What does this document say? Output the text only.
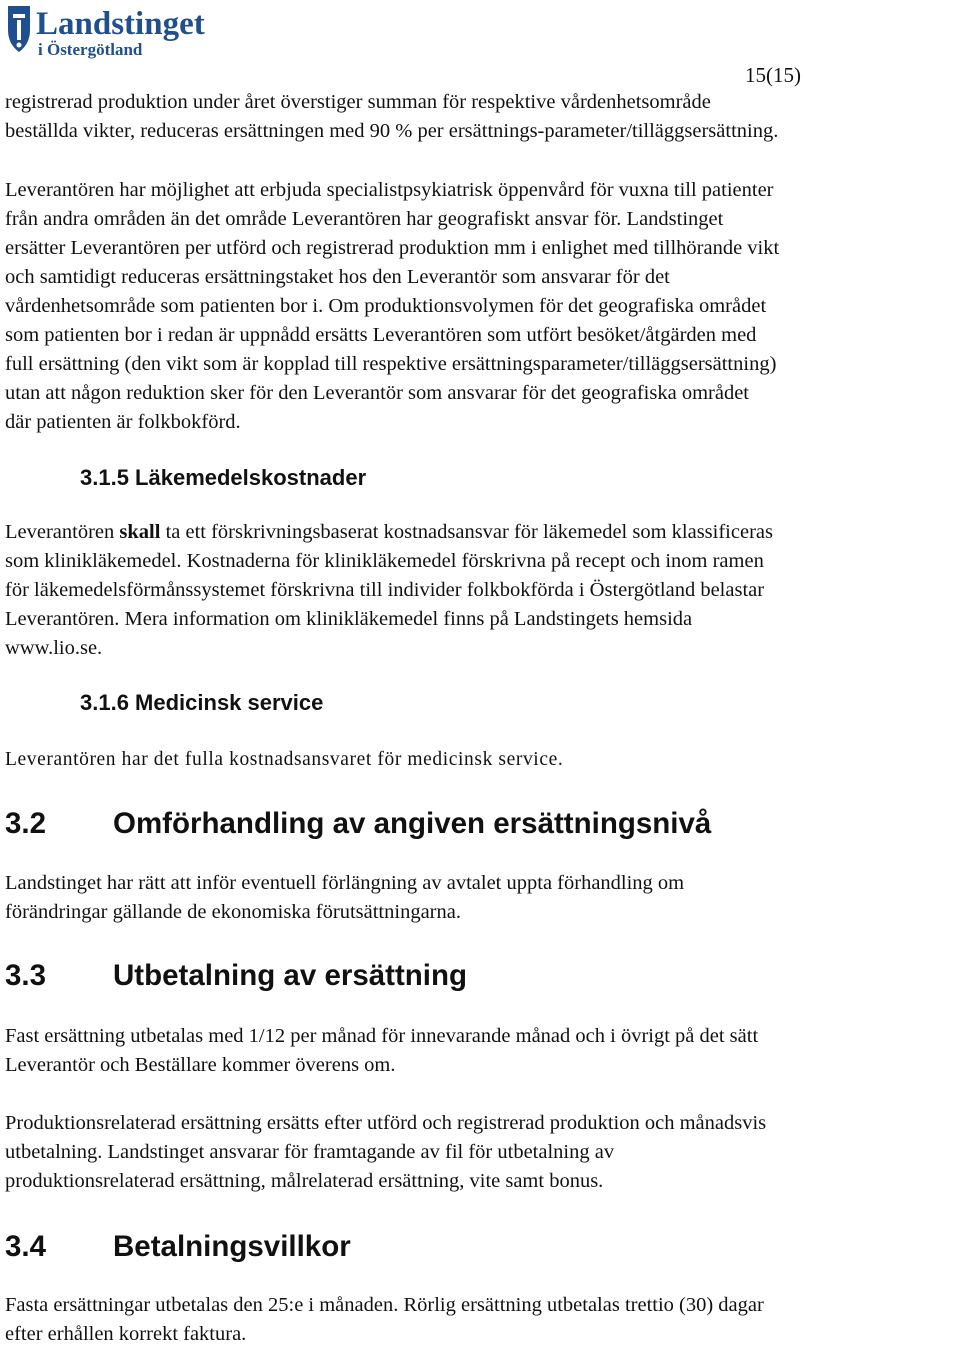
Landstinget
i Östergötland
15(15)

registrerad produktion under året överstiger summan för respektive vårdenhetsområde
beställda vikter, reduceras ersättningen med 90 % per ersättnings-parameter/tilläggsersättning.

Leverantören har möjlighet att erbjuda specialistpsykiatrisk öppenvård för vuxna till patienter
från andra områden än det område Leverantören har geografiskt ansvar för. Landstinget
ersätter Leverantören per utförd och registrerad produktion mm i enlighet med tillhörande vikt
och samtidigt reduceras ersättningstaket hos den Leverantör som ansvarar för det
vårdenhetsområde som patienten bor i. Om produktionsvolymen för det geografiska området
som patienten bor i redan är uppnådd ersätts Leverantören som utfört besöket/åtgärden med
full ersättning (den vikt som är kopplad till respektive ersättningsparameter/tilläggsersättning)
utan att någon reduktion sker för den Leverantör som ansvarar för det geografiska området
där patienten är folkbokförd.

3.1.5 Läkemedelskostnader

Leverantören skall ta ett förskrivningsbaserat kostnadsansvar för läkemedel som klassificeras
som klinikläkemedel. Kostnaderna för klinikläkemedel förskrivna på recept och inom ramen
för läkemedelsförmånssystemet förskrivna till individer folkbokförda i Östergötland belastar
Leverantören. Mera information om klinikläkemedel finns på Landstingets hemsida
www.lio.se.

3.1.6 Medicinsk service

Leverantören har det fulla kostnadsansvaret för medicinsk service.

3.2 Omförhandling av angiven ersättningsnivå

Landstinget har rätt att inför eventuell förlängning av avtalet uppta förhandling om
förändringar gällande de ekonomiska förutsättningarna.

3.3 Utbetalning av ersättning

Fast ersättning utbetalas med 1/12 per månad för innevarande månad och i övrigt på det sätt
Leverantör och Beställare kommer överens om.

Produktionsrelaterad ersättning ersätts efter utförd och registrerad produktion och månadsvis
utbetalning. Landstinget ansvarar för framtagande av fil för utbetalning av
produktionsrelaterad ersättning, målrelaterad ersättning, vite samt bonus.

3.4 Betalningsvillkor

Fasta ersättningar utbetalas den 25:e i månaden. Rörlig ersättning utbetalas trettio (30) dagar
efter erhållen korrekt faktura.
